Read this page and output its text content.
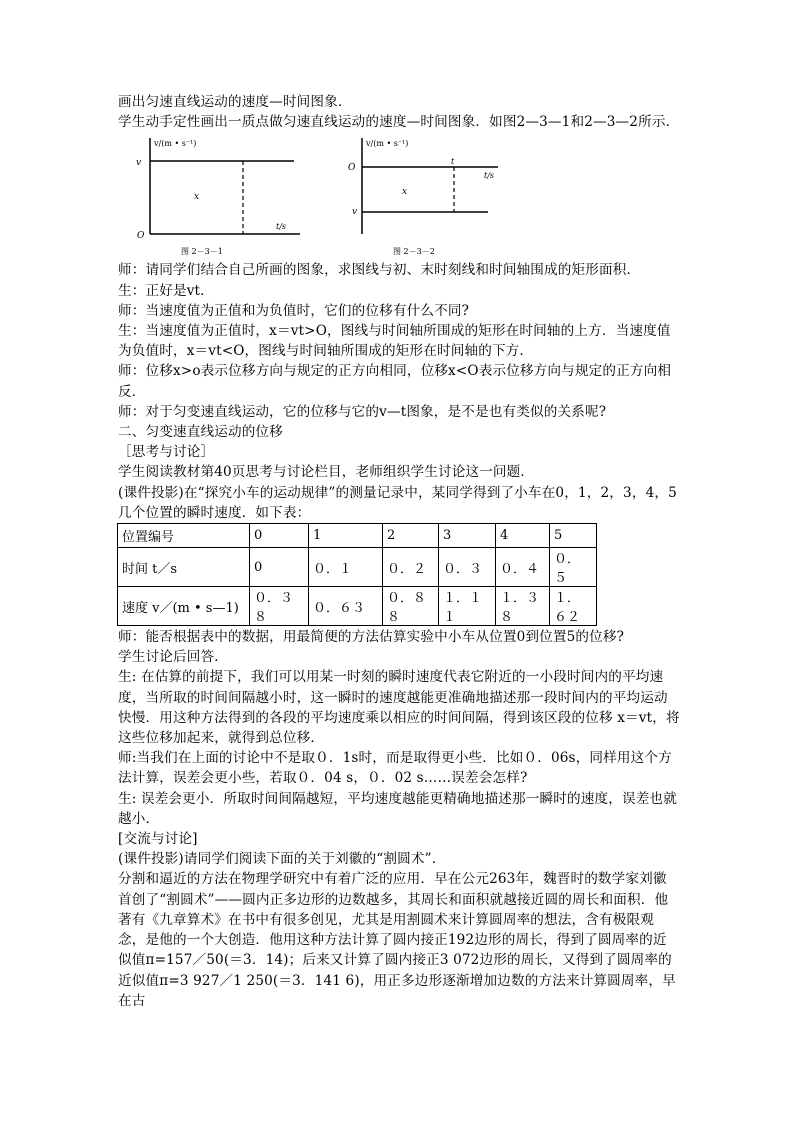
画出匀速直线运动的速度—时间图象．

学生动手定性画出一质点做匀速直线运动的速度—时间图象．如图2—3—1和2—3—2所示．

v/(m • s⁻¹)
v
x
O
t/s
图 2－3－1
v/(m • s⁻¹)
O
t
t/s
x
v
图 2－3－2

师：请同学们结合自己所画的图象，求图线与初、末时刻线和时间轴围成的矩形面积．

生：正好是vt．

师：当速度值为正值和为负值时，它们的位移有什么不同?

生：当速度值为正值时，x＝vt>O，图线与时间轴所围成的矩形在时间轴的上方．当速度值为负值时，x＝vt<O，图线与时间轴所围成的矩形在时间轴的下方．

师：位移x>o表示位移方向与规定的正方向相同，位移x<O表示位移方向与规定的正方向相反．

师：对于匀变速直线运动，它的位移与它的v—t图象，是不是也有类似的关系呢?

二、匀变速直线运动的位移

［思考与讨论］

学生阅读教材第40页思考与讨论栏目，老师组织学生讨论这一问题．

(课件投影)在“探究小车的运动规律”的测量记录中，某同学得到了小车在0，1，2，3，4，5几个位置的瞬时速度．如下表：

位置编号	0	1	2	3	4	5
时间 t／s	0	０．１	０．２	０．３	０．４	０．５
速度 v／(m • s—1)	０．３８	０．６３	０．８８	１．１１	１．３８	１．６２

师：能否根据表中的数据，用最简便的方法估算实验中小车从位置0到位置5的位移?

学生讨论后回答．

生: 在估算的前提下，我们可以用某一时刻的瞬时速度代表它附近的一小段时间内的平均速度，当所取的时间间隔越小时，这一瞬时的速度越能更准确地描述那一段时间内的平均运动快慢．用这种方法得到的各段的平均速度乘以相应的时间间隔，得到该区段的位移 x＝vt，将这些位移加起来，就得到总位移．

师:当我们在上面的讨论中不是取０．1s时，而是取得更小些．比如０．06s，同样用这个方法计算，误差会更小些，若取０．04 s，０．02 s……误差会怎样?

生: 误差会更小．所取时间间隔越短，平均速度越能更精确地描述那一瞬时的速度，误差也就越小．

[交流与讨论]

(课件投影)请同学们阅读下面的关于刘徽的“割圆术”．

分割和逼近的方法在物理学研究中有着广泛的应用．早在公元263年，魏晋时的数学家刘徽首创了“割圆术”——圆内正多边形的边数越多，其周长和面积就越接近圆的周长和面积．他著有《九章算术》在书中有很多创见，尤其是用割圆术来计算圆周率的想法，含有极限观念，是他的一个大创造．他用这种方法计算了圆内接正192边形的周长，得到了圆周率的近似值π=157／50(＝3．14)；后来又计算了圆内接正3 072边形的周长，又得到了圆周率的近似值π=3 927／1 250(＝3．141 6)，用正多边形逐渐增加边数的方法来计算圆周率，早在古
